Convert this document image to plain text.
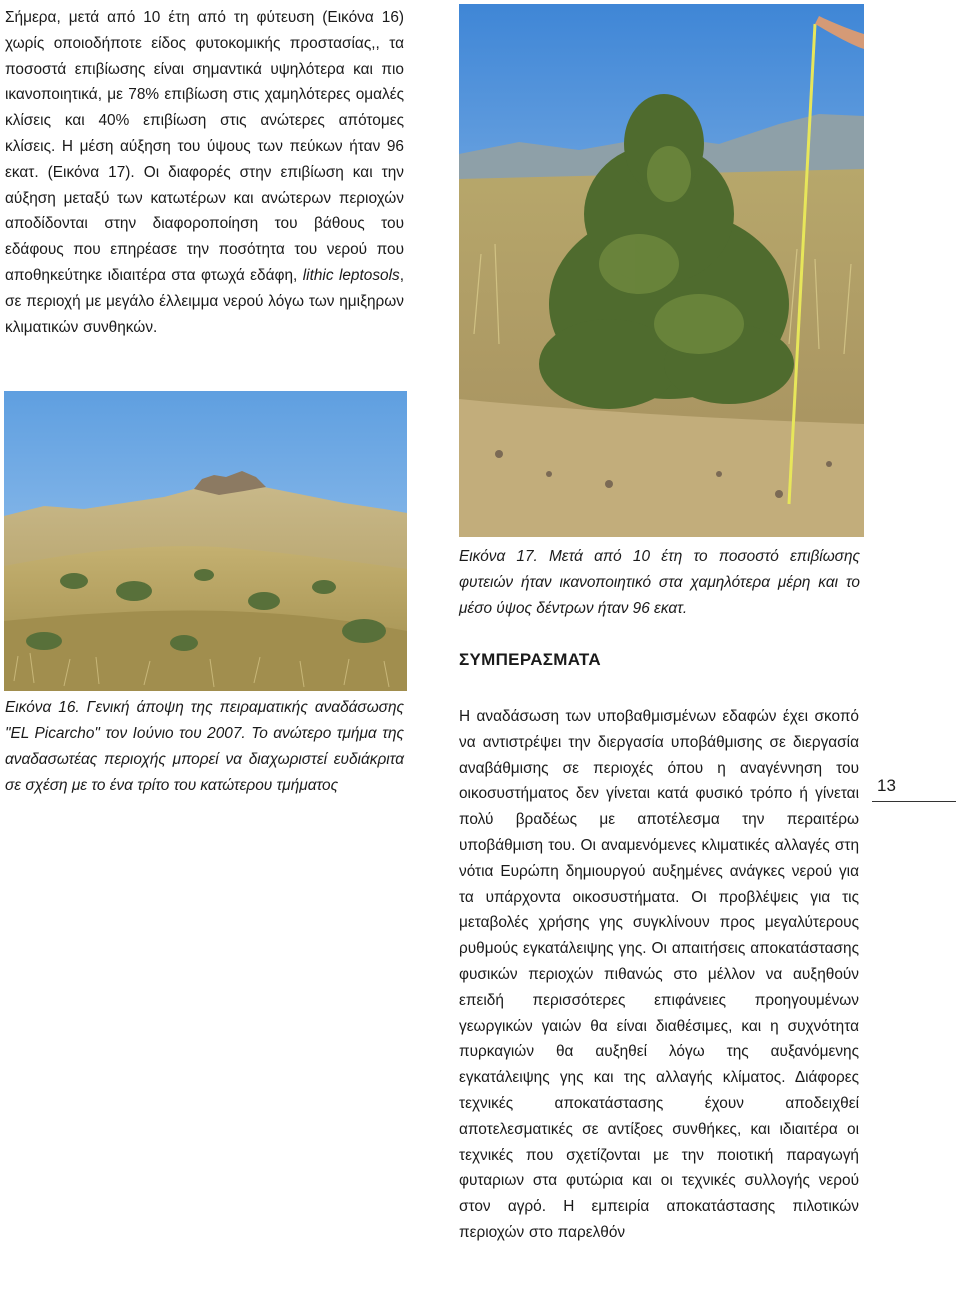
Σήμερα, μετά από 10 έτη από τη φύτευση (Εικόνα 16) χωρίς οποιοδήποτε είδος φυτοκομικής προστασίας,, τα ποσοστά επιβίωσης είναι σημαντικά υψηλότερα και πιο ικανοποιητικά, με 78% επιβίωση στις χαμηλότερες ομαλές κλίσεις και 40% επιβίωση στις ανώτερες απότομες κλίσεις. Η μέση αύξηση του ύψους των πεύκων ήταν 96 εκατ. (Εικόνα 17). Οι διαφορές στην επιβίωση και την αύξηση μεταξύ των κατωτέρων και ανώτερων περιοχών αποδίδονται στην διαφοροποίηση του βάθους του εδάφους που επηρέασε την ποσότητα του νερού που αποθηκεύτηκε ιδιαιτέρα στα φτωχά εδάφη, lithic leptosols, σε περιοχή με μεγάλο έλλειμμα νερού λόγω των ημιξηρων κλιματικών συνθηκών.

Εικόνα 16. Γενική άποψη της πειραματικής αναδάσωσης "EL Picarcho" τον Ιούνιο του 2007. Το ανώτερο τμήμα της αναδασωτέας περιοχής μπορεί να διαχωριστεί ευδιάκριτα σε σχέση με το ένα τρίτο του κατώτερου τμήματος

Εικόνα 17. Μετά από 10 έτη το ποσοστό επιβίωσης φυτειών ήταν ικανοποιητικό στα χαμηλότερα μέρη και το μέσο ύψος δέντρων ήταν 96 εκατ.

ΣΥΜΠΕΡΑΣΜΑΤΑ

Η αναδάσωση των υποβαθμισμένων εδαφών έχει σκοπό να αντιστρέψει την διεργασία υποβάθμισης σε διεργασία αναβάθμισης σε περιοχές όπου η αναγέννηση του οικοσυστήματος δεν γίνεται κατά φυσικό τρόπο ή γίνεται πολύ βραδέως με αποτέλεσμα την περαιτέρω υποβάθμιση του. Οι αναμενόμενες κλιματικές αλλαγές στη νότια Ευρώπη δημιουργού αυξημένες ανάγκες νερού για τα υπάρχοντα οικοσυστήματα. Οι προβλέψεις για τις μεταβολές χρήσης γης συγκλίνουν προς μεγαλύτερους ρυθμούς εγκατάλειψης γης. Οι απαιτήσεις αποκατάστασης φυσικών περιοχών πιθανώς στο μέλλον να αυξηθούν επειδή περισσότερες επιφάνειες προηγουμένων γεωργικών γαιών θα είναι διαθέσιμες, και η συχνότητα πυρκαγιών θα αυξηθεί λόγω της αυξανόμενης εγκατάλειψης γης και της αλλαγής κλίματος. Διάφορες τεχνικές αποκατάστασης έχουν αποδειχθεί αποτελεσματικές σε αντίξοες συνθήκες, και ιδιαιτέρα οι τεχνικές που σχετίζονται με την ποιοτική παραγωγή φυταριων στα φυτώρια και οι τεχνικές συλλογής νερού στον αγρό. Η εμπειρία αποκατάστασης πιλοτικών περιοχών στο παρελθόν

13
